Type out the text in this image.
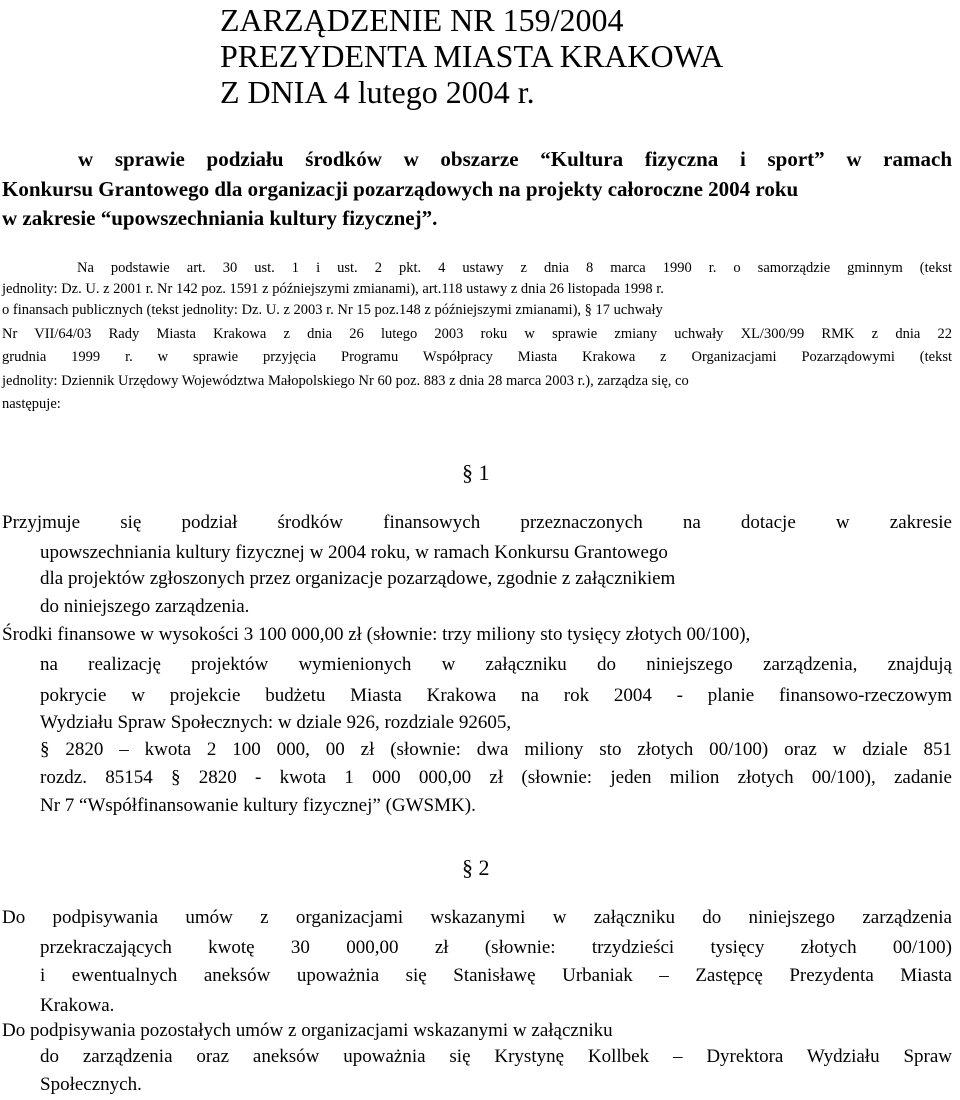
ZARZĄDZENIE NR 159/2004
PREZYDENTA MIASTA KRAKOWA
Z DNIA 4 lutego 2004 r.
w sprawie podziału środków w obszarze “Kultura fizyczna i sport” w ramach
Konkursu Grantowego dla organizacji pozarządowych na projekty całoroczne 2004 roku
w zakresie “upowszechniania kultury fizycznej”.
Na podstawie art. 30 ust. 1 i ust. 2 pkt. 4 ustawy z dnia 8 marca 1990 r. o samorządzie gminnym (tekst
jednolity: Dz. U. z 2001 r. Nr 142 poz. 1591 z późniejszymi zmianami), art.118 ustawy z dnia 26 listopada 1998 r.
o finansach publicznych (tekst jednolity: Dz. U. z 2003 r. Nr 15 poz.148 z późniejszymi zmianami), § 17 uchwały
Nr VII/64/03 Rady Miasta Krakowa z dnia 26 lutego 2003 roku w sprawie zmiany uchwały XL/300/99 RMK z dnia 22
grudnia 1999 r. w sprawie przyjęcia Programu Współpracy Miasta Krakowa z Organizacjami Pozarządowymi (tekst
jednolity: Dziennik Urzędowy Województwa Małopolskiego Nr 60 poz. 883 z dnia 28 marca 2003 r.), zarządza się, co
następuje:
§ 1
Przyjmuje się podział środków finansowych przeznaczonych na dotacje w zakresie
upowszechniania kultury fizycznej w 2004 roku, w ramach Konkursu Grantowego
dla projektów zgłoszonych przez organizacje pozarządowe, zgodnie z załącznikiem
do niniejszego zarządzenia.
Środki finansowe w wysokości 3 100 000,00 zł (słownie: trzy miliony sto tysięcy złotych 00/100),
na realizację projektów wymienionych w załączniku do niniejszego zarządzenia, znajdują
pokrycie w projekcie budżetu Miasta Krakowa na rok 2004 - planie finansowo-rzeczowym
Wydziału Spraw Społecznych: w dziale 926, rozdziale 92605,
§ 2820 – kwota 2 100 000, 00 zł (słownie: dwa miliony sto złotych 00/100) oraz w dziale 851
rozdz. 85154 § 2820 - kwota 1 000 000,00 zł (słownie: jeden milion złotych 00/100), zadanie
Nr 7 “Współfinansowanie kultury fizycznej” (GWSMK).
§ 2
Do podpisywania umów z organizacjami wskazanymi w załączniku do niniejszego zarządzenia
przekraczających kwotę 30 000,00 zł (słownie: trzydzieści tysięcy złotych 00/100)
i ewentualnych aneksów upoważnia się Stanisławę Urbaniak – Zastępcę Prezydenta Miasta
Krakowa.
Do podpisywania pozostałych umów z organizacjami wskazanymi w załączniku
do zarządzenia oraz aneksów upoważnia się Krystynę Kollbek – Dyrektora Wydziału Spraw
Społecznych.
